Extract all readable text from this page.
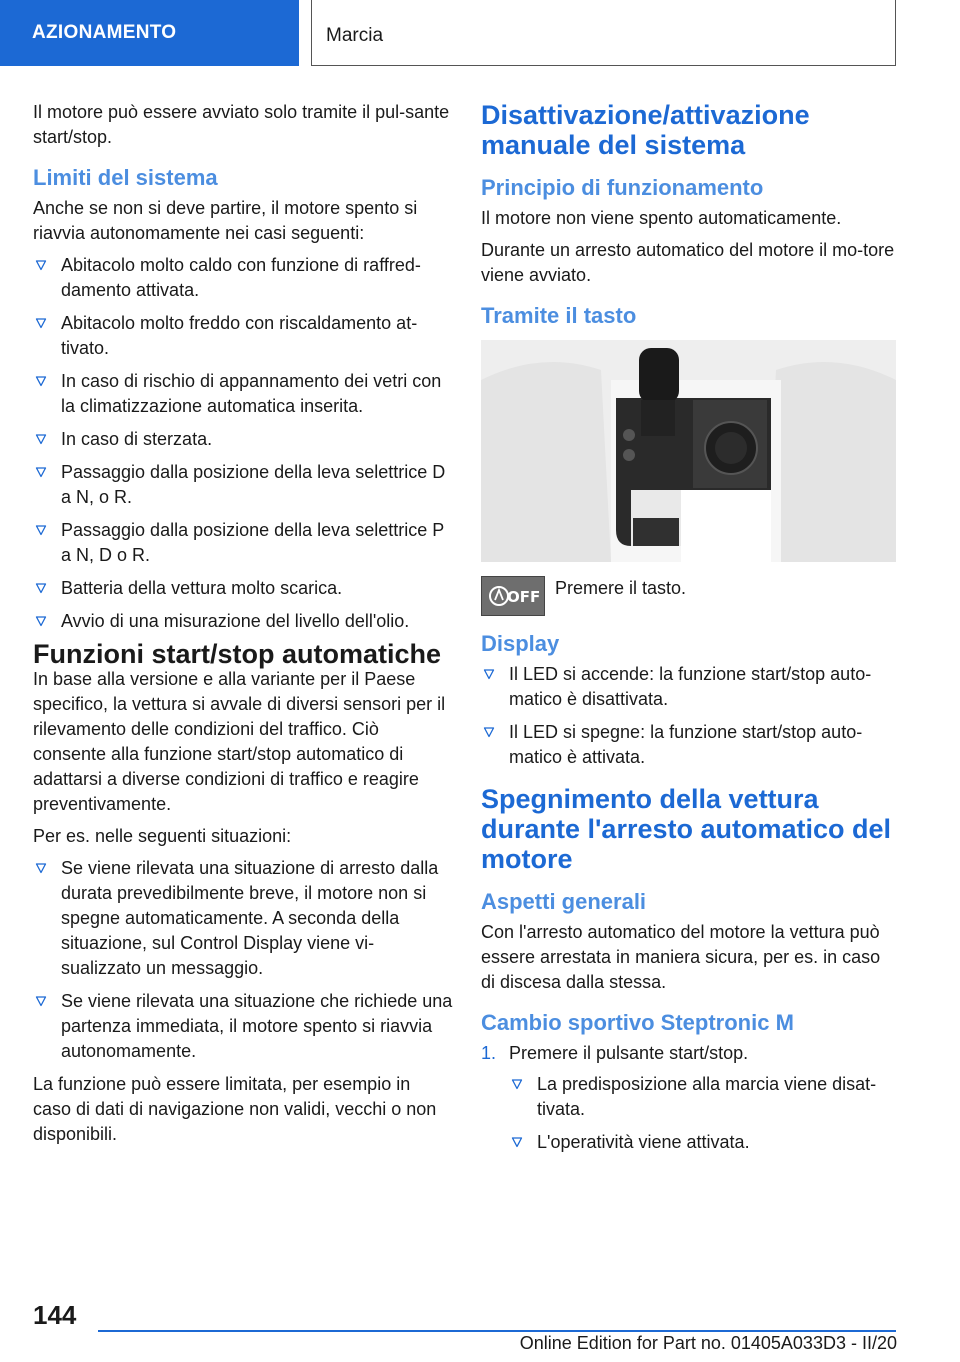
AZIONAMENTO	Marcia

Il motore può essere avviato solo tramite il pul-sante start/stop.

Limiti del sistema

Anche se non si deve partire, il motore spento si riavvia autonomamente nei casi seguenti:

Abitacolo molto caldo con funzione di raffred-damento attivata.
Abitacolo molto freddo con riscaldamento at-tivato.
In caso di rischio di appannamento dei vetri con la climatizzazione automatica inserita.
In caso di sterzata.
Passaggio dalla posizione della leva selettrice D a N, o R.
Passaggio dalla posizione della leva selettrice P a N, D o R.
Batteria della vettura molto scarica.
Avvio di una misurazione del livello dell'olio.
Funzioni start/stop automatiche

In base alla versione e alla variante per il Paese specifico, la vettura si avvale di diversi sensori per il rilevamento delle condizioni del traffico. Ciò consente alla funzione start/stop automatico di adattarsi a diverse condizioni di traffico e reagire preventivamente.

Per es. nelle seguenti situazioni:

Se viene rilevata una situazione di arresto dalla durata prevedibilmente breve, il motore non si spegne automaticamente. A seconda della situazione, sul Control Display viene vi-sualizzato un messaggio.
Se viene rilevata una situazione che richiede una partenza immediata, il motore spento si riavvia autonomamente.

La funzione può essere limitata, per esempio in caso di dati di navigazione non validi, vecchi o non disponibili.

Disattivazione/attivazione manuale del sistema
Principio di funzionamento

Il motore non viene spento automaticamente.

Durante un arresto automatico del motore il mo-tore viene avviato.

Tramite il tasto
OFF Premere il tasto.
Display
Il LED si accende: la funzione start/stop auto-matico è disattivata.
Il LED si spegne: la funzione start/stop auto-matico è attivata.
Spegnimento della vettura durante l'arresto automatico del motore
Aspetti generali

Con l'arresto automatico del motore la vettura può essere arrestata in maniera sicura, per es. in caso di discesa dalla stessa.

Cambio sportivo Steptronic M
1. Premere il pulsante start/stop.
La predisposizione alla marcia viene disat-tivata.
L'operatività viene attivata.
144
Online Edition for Part no. 01405A033D3 - II/20
